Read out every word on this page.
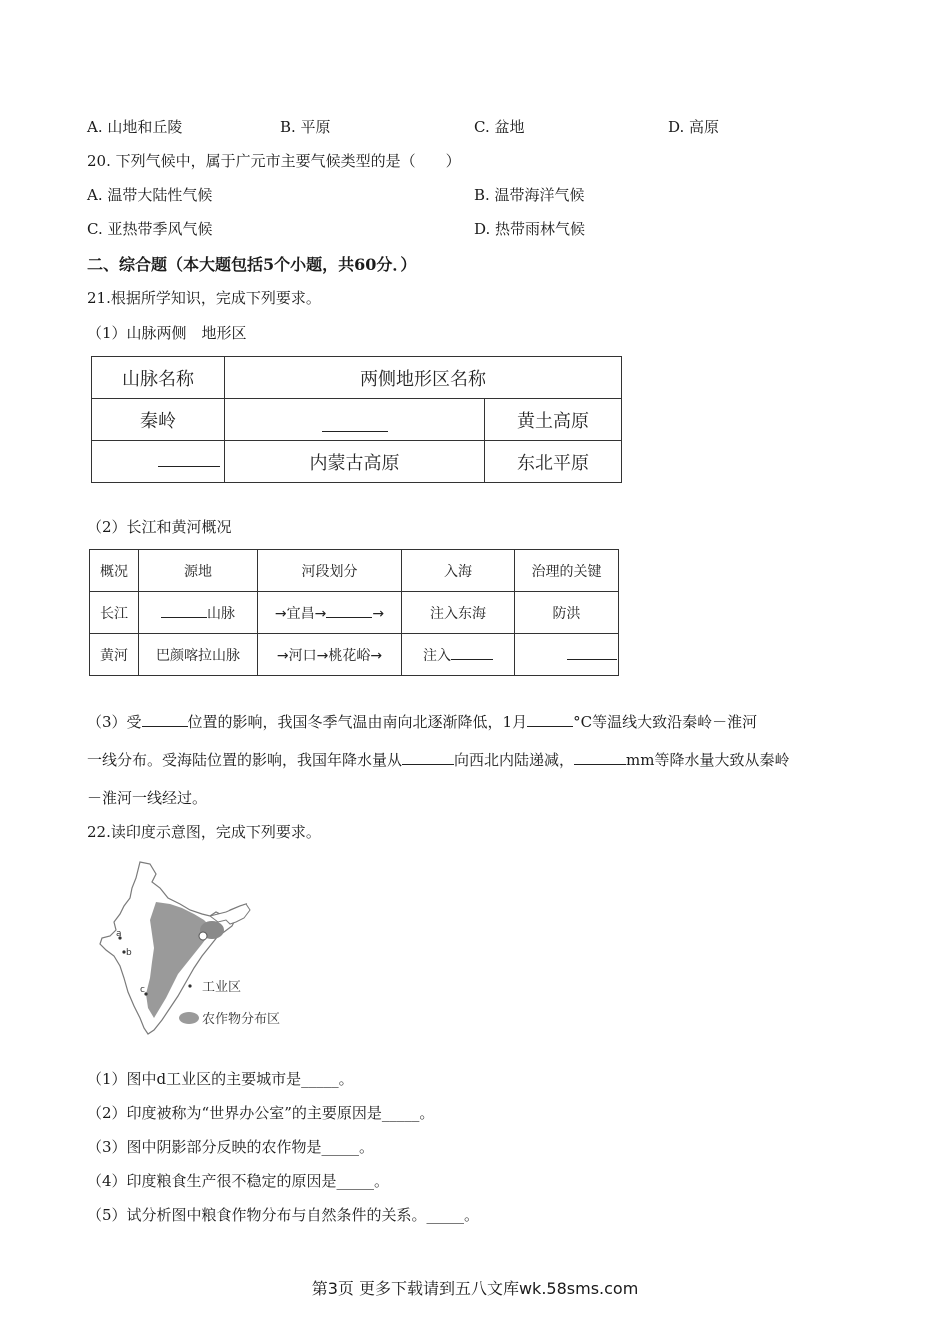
A. 山地和丘陵	B. 平原	C. 盆地	D. 高原
20. 下列气候中，属于广元市主要气候类型的是（　　）
A. 温带大陆性气候	B. 温带海洋气候
C. 亚热带季风气候	D. 热带雨林气候
二、综合题（本大题包括5个小题，共60分．）
21.根据所学知识，完成下列要求。
（1）山脉两侧　地形区
山脉名称	两侧地形区名称	
秦岭		黄土高原
	内蒙古高原	东北平原
（2）长江和黄河概况
概况	源地	河段划分	入海	治理的关键
长江	山脉	→宜昌→ →	注入东海	防洪
黄河	巴颜喀拉山脉	→河口→桃花峪→	注入	
（3）受	位置的影响，我国冬季气温由南向北逐渐降低，1月	°C等温线大致沿秦岭－淮河
一线分布。受海陆位置的影响，我国年降水量从	向西北内陆递减，	mm等降水量大致从秦岭
－淮河一线经过。
22.读印度示意图，完成下列要求。
a
b
c	工业区
农作物分布区
（1）图中d工业区的主要城市是_____。
（2）印度被称为“世界办公室”的主要原因是_____。
（3）图中阴影部分反映的农作物是_____。
（4）印度粮食生产很不稳定的原因是_____。
（5）试分析图中粮食作物分布与自然条件的关系。_____。
第3页 更多下载请到五八文库wk.58sms.com
